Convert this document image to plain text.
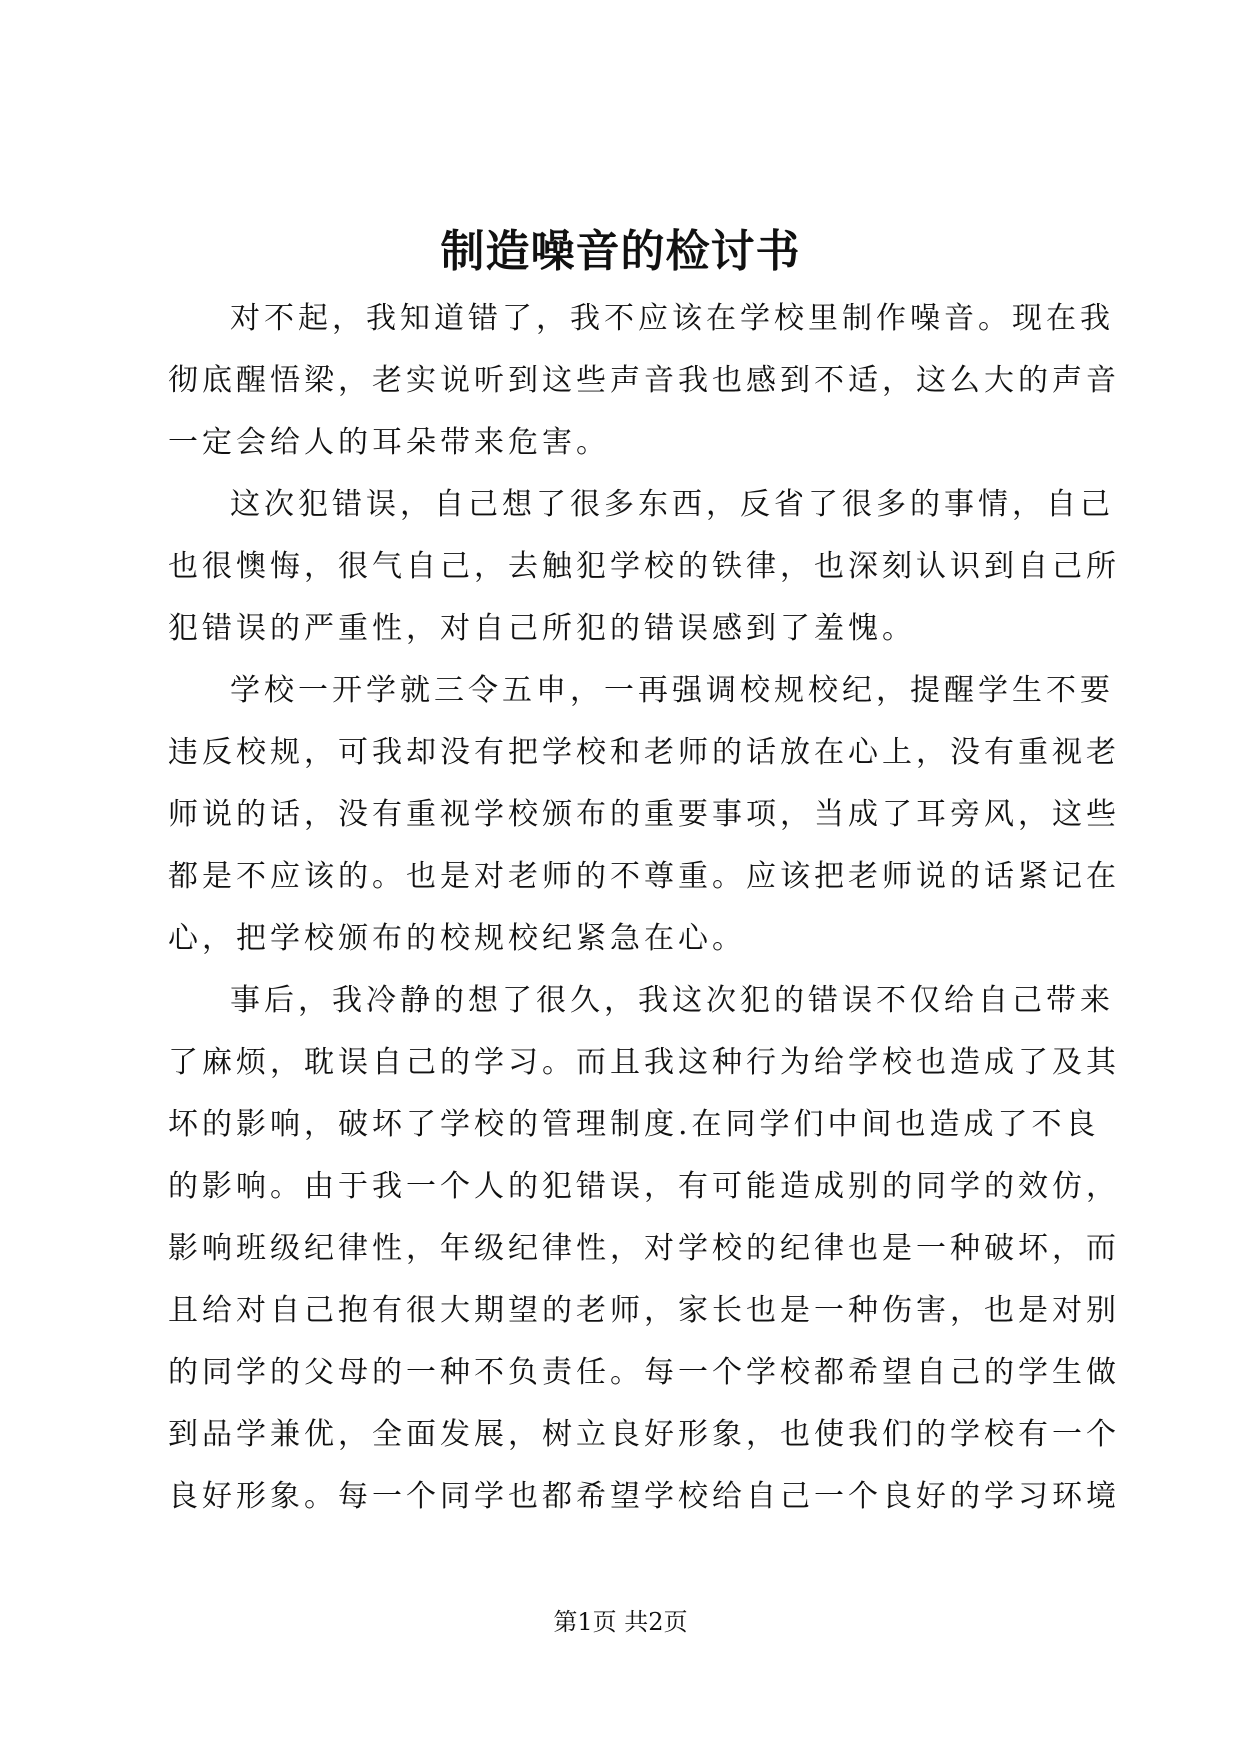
制造噪音的检讨书

对不起，我知道错了，我不应该在学校里制作噪音。现在我
彻底醒悟梁，老实说听到这些声音我也感到不适，这么大的声音
一定会给人的耳朵带来危害。

这次犯错误，自己想了很多东西，反省了很多的事情，自己
也很懊悔，很气自己，去触犯学校的铁律，也深刻认识到自己所
犯错误的严重性，对自己所犯的错误感到了羞愧。

学校一开学就三令五申，一再强调校规校纪，提醒学生不要
违反校规，可我却没有把学校和老师的话放在心上，没有重视老
师说的话，没有重视学校颁布的重要事项，当成了耳旁风，这些
都是不应该的。也是对老师的不尊重。应该把老师说的话紧记在
心，把学校颁布的校规校纪紧急在心。

事后，我冷静的想了很久，我这次犯的错误不仅给自己带来
了麻烦，耽误自己的学习。而且我这种行为给学校也造成了及其
坏的影响，破坏了学校的管理制度.在同学们中间也造成了不良
的影响。由于我一个人的犯错误，有可能造成别的同学的效仿，
影响班级纪律性，年级纪律性，对学校的纪律也是一种破坏，而
且给对自己抱有很大期望的老师，家长也是一种伤害，也是对别
的同学的父母的一种不负责任。每一个学校都希望自己的学生做
到品学兼优，全面发展，树立良好形象，也使我们的学校有一个
良好形象。每一个同学也都希望学校给自己一个良好的学习环境

第1页 共2页
